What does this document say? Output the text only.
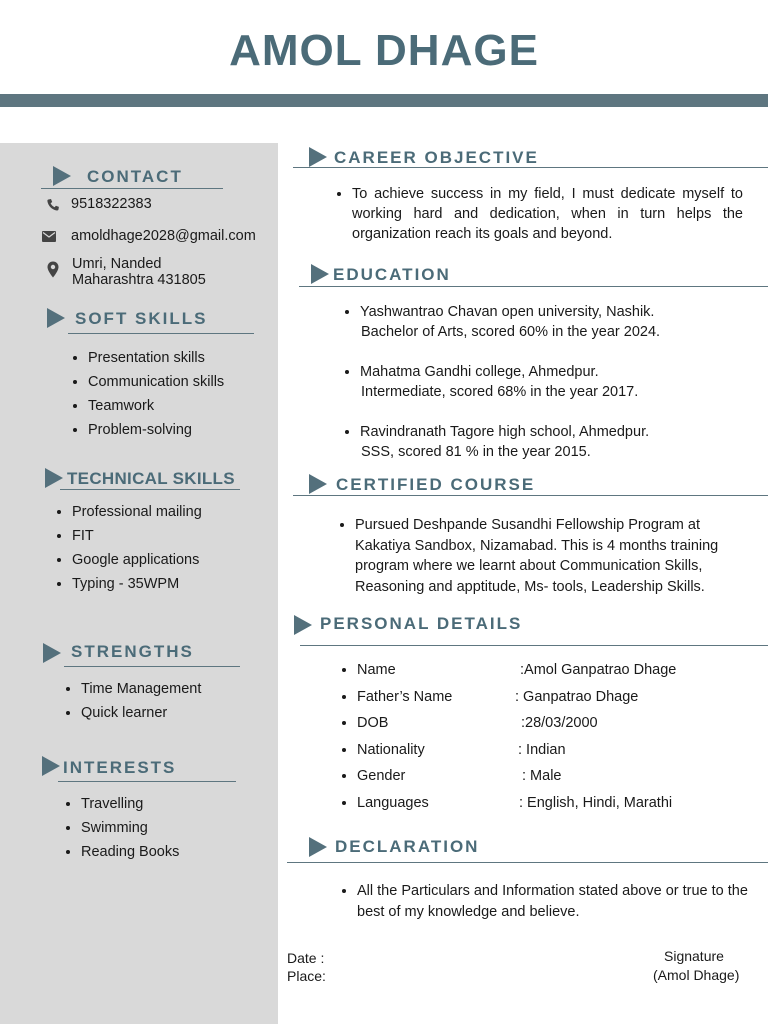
AMOL DHAGE
CONTACT
9518322383
amoldhage2028@gmail.com
Umri, Nanded
Maharashtra 431805
SOFT SKILLS
• Presentation skills
• Communication skills
• Teamwork
• Problem-solving
TECHNICAL SKILLS
• Professional mailing
• FIT
• Google applications
• Typing - 35WPM
STRENGTHS
• Time Management
• Quick learner
INTERESTS
• Travelling
• Swimming
• Reading Books
CAREER OBJECTIVE
• To achieve success in my field, I must dedicate myself to working hard and dedication, when in turn helps the organization reach its goals and beyond.
EDUCATION
• Yashwantrao Chavan open university, Nashik.
Bachelor of Arts, scored 60% in the year 2024.
• Mahatma Gandhi college, Ahmedpur.
Intermediate, scored 68% in the year 2017.
• Ravindranath Tagore high school, Ahmedpur.
SSS, scored 81 % in the year 2015.
CERTIFIED COURSE
• Pursued Deshpande Susandhi Fellowship Program at Kakatiya Sandbox, Nizamabad. This is 4 months training program where we learnt about Communication Skills, Reasoning and apptitude, Ms- tools, Leadership Skills.
PERSONAL DETAILS
• Name	:Amol Ganpatrao Dhage
• Father’s Name	: Ganpatrao Dhage
• DOB	:28/03/2000
• Nationality	: Indian
• Gender	: Male
• Languages	: English, Hindi, Marathi
DECLARATION
• All the Particulars and Information stated above or true to the best of my knowledge and believe.
Date :
Place:
Signature
(Amol Dhage)
